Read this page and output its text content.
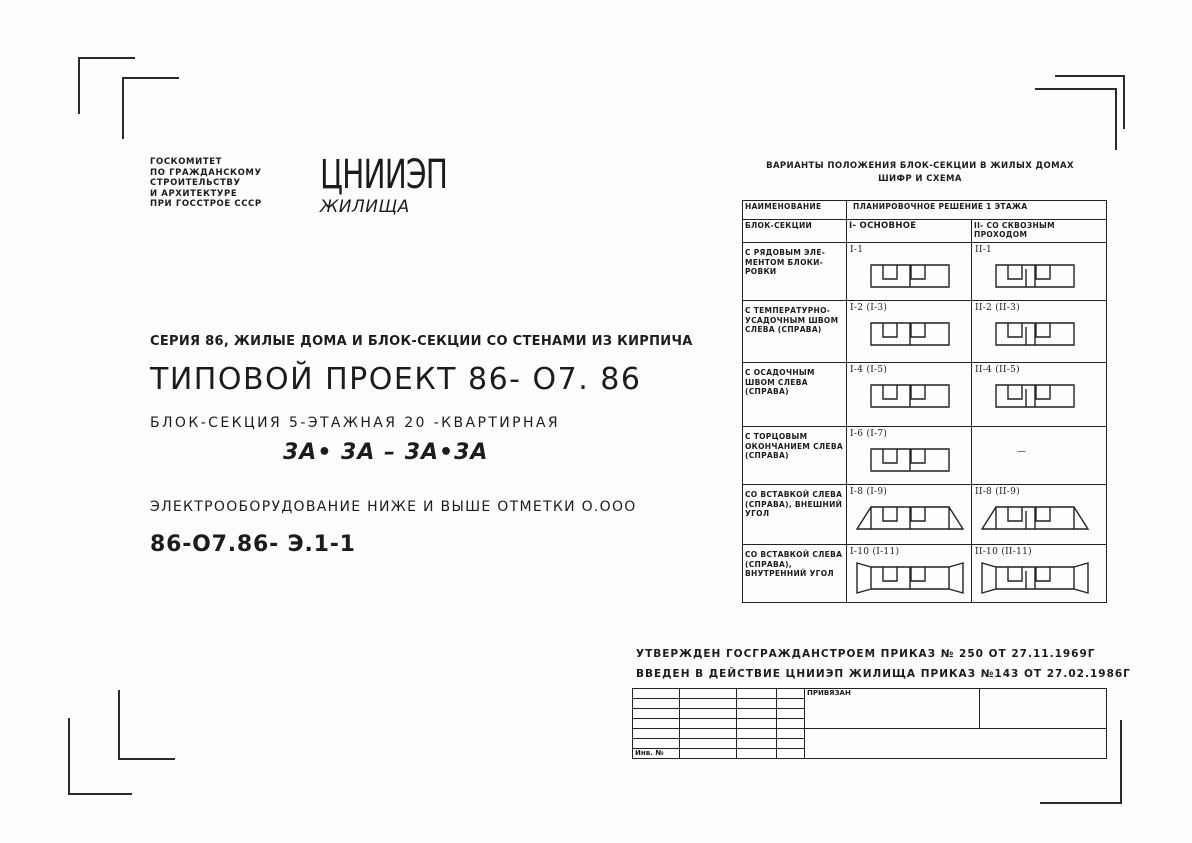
ГОСКОМИТЕТ
ПО ГРАЖДАНСКОМУ
СТРОИТЕЛЬСТВУ
И АРХИТЕКТУРЕ
ПРИ ГОССТРОЕ СССР
ЦНИИЭП
ЖИЛИЩА
СЕРИЯ 86, ЖИЛЫЕ ДОМА И БЛОК-СЕКЦИИ СО СТЕНАМИ ИЗ КИРПИЧА
ТИПОВОЙ ПРОЕКТ 86- О7. 86
БЛОК-СЕКЦИЯ 5-ЭТАЖНАЯ 20 -КВАРТИРНАЯ
3А• 3А – 3А•3А
ЭЛЕКТРООБОРУДОВАНИЕ НИЖЕ И ВЫШЕ ОТМЕТКИ О.ООО
86-О7.86- Э.1-1
ВАРИАНТЫ ПОЛОЖЕНИЯ БЛОК-СЕКЦИИ В ЖИЛЫХ ДОМАХ
ШИФР И СХЕМА
НАИМЕНОВАНИЕ	ПЛАНИРОВОЧНОЕ РЕШЕНИЕ 1 ЭТАЖА	
БЛОК-СЕКЦИИ	I- ОСНОВНОЕ	II- СО СКВОЗНЫМ ПРОХОДОМ
С РЯДОВЫМ ЭЛЕ-МЕНТОМ БЛОКИ-РОВКИ	I-1	II-1

С ТЕМПЕРАТУРНО-УСАДОЧНЫМ ШВОМ СЛЕВА (СПРАВА)	I-2 (I-3)	II-2 (II-3)

С ОСАДОЧНЫМ ШВОМ СЛЕВА (СПРАВА)	I-4 (I-5)	II-4 (II-5)

С ТОРЦОВЫМ ОКОНЧАНИЕМ СЛЕВА (СПРАВА)	I-6 (I-7)	—

СО ВСТАВКОЙ СЛЕВА (СПРАВА), ВНЕШНИЙ УГОЛ	I-8 (I-9)	II-8 (II-9)

СО ВСТАВКОЙ СЛЕВА (СПРАВА), ВНУТРЕННИЙ УГОЛ	I-10 (I-11)	II-10 (II-11)
УТВЕРЖДЕН ГОСГРАЖДАНСТРОЕМ ПРИКАЗ № 250 ОТ 27.11.1969Г
ВВЕДЕН В ДЕЙСТВИЕ ЦНИИЭП ЖИЛИЩА ПРИКАЗ №143 ОТ 27.02.1986Г
				ПРИВЯЗАН	

Инв. №					
